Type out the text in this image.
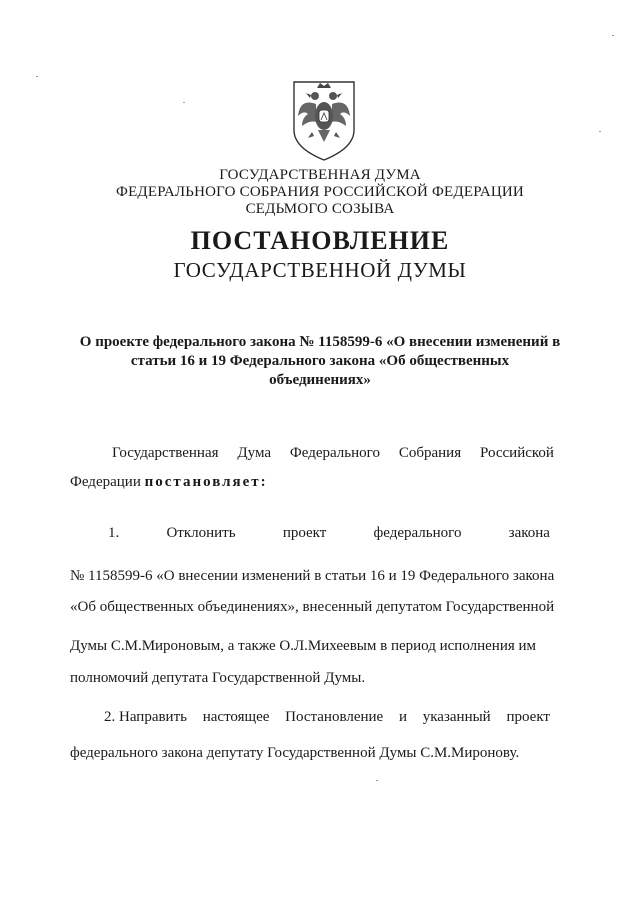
ГОСУДАРСТВЕННАЯ ДУМА
ФЕДЕРАЛЬНОГО СОБРАНИЯ РОССИЙСКОЙ ФЕДЕРАЦИИ
СЕДЬМОГО СОЗЫВА
ПОСТАНОВЛЕНИЕ
ГОСУДАРСТВЕННОЙ ДУМЫ
О проекте федерального закона № 1158599-6 «О внесении изменений в
статьи 16 и 19 Федерального закона «Об общественных
объединениях»
Государственная Дума Федерального Собрания Российской
Федерации постановляет:
1.	Отклонить	проект	федерального	закона
№ 1158599-6 «О внесении изменений в статьи 16 и 19 Федерального закона
«Об общественных объединениях», внесенный депутатом Государственной
Думы С.М.Мироновым, а также О.Л.Михеевым в период исполнения им
полномочий депутата Государственной Думы.
2. Направить настоящее Постановление и указанный проект
федерального закона депутату Государственной Думы С.М.Миронову.
